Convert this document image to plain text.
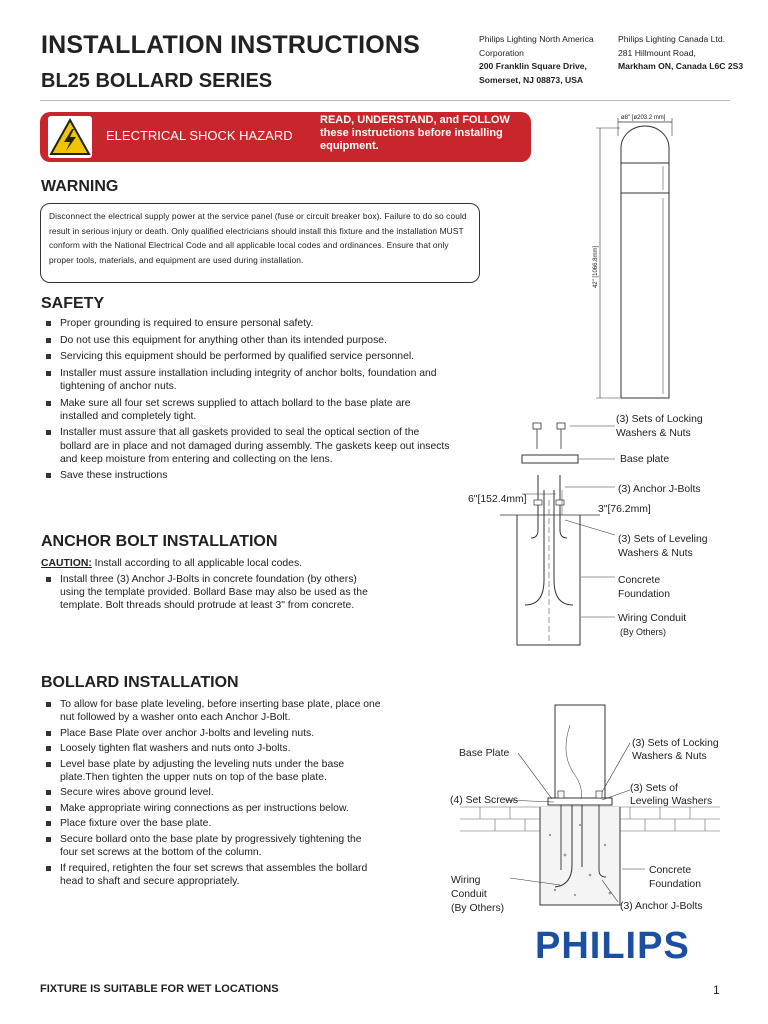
INSTALLATION INSTRUCTIONS
BL25 BOLLARD SERIES
Philips Lighting North America
Corporation
200 Franklin Square Drive,
Somerset, NJ 08873, USA
Philips Lighting Canada Ltd.
281 Hillmount Road,
Markham ON, Canada L6C 2S3
ELECTRICAL SHOCK HAZARD
READ, UNDERSTAND, and FOLLOW
these instructions before installing
equipment.
WARNING
Disconnect the electrical supply power at the service panel (fuse or circuit breaker box). Failure to do so could result in serious injury or death. Only qualified electricians should install this fixture and the installation MUST conform with the National Electrical Code and all applicable local codes and ordinances. Ensure that only proper tools, materials, and equipment are used during installation.
SAFETY
Proper grounding is required to ensure personal safety.
Do not use this equipment for anything other than its intended purpose.
Servicing this equipment should be performed by qualified service personnel.
Installer must assure installation including integrity of anchor bolts, foundation and tightening of anchor nuts.
Make sure all four set screws supplied to attach bollard to the base plate are installed and completely tight.
Installer must assure that all gaskets provided to seal the optical section of the bollard are in place and not damaged during assembly. The gaskets keep out insects and keep moisture from entering and collecting on the lens.
Save these instructions
ANCHOR BOLT INSTALLATION
CAUTION: Install according to all applicable local codes.
Install three (3) Anchor J-Bolts in concrete foundation (by others) using the template provided. Bollard Base may also be used as the template. Bolt threads should protrude at least 3" from concrete.
BOLLARD INSTALLATION
To allow for base plate leveling, before inserting base plate, place one nut followed by a washer onto each Anchor J-Bolt.
Place Base Plate over anchor J-bolts and leveling nuts.
Loosely tighten flat washers and nuts onto J-bolts.
Level base plate by adjusting the leveling nuts under the base plate.Then tighten the upper nuts on top of the base plate.
Secure wires above ground level.
Make appropriate wiring connections as per instructions below.
Place fixture over the base plate.
Secure bollard onto the base plate by progressively tightening the four set screws at the bottom of the column.
If required, retighten the four set screws that assembles the bollard head to shaft and secure appropriately.
ø8" [ø203.2 mm]
42" [1066.8mm]
(3) Sets of Locking
Washers & Nuts
Base plate
(3) Anchor J-Bolts
6"[152.4mm]
3"[76.2mm]
(3) Sets of Leveling
Washers & Nuts
Concrete
Foundation
Wiring Conduit
(By Others)
Base Plate
(3) Sets of Locking
Washers & Nuts
(3) Sets of
Leveling Washers
(4) Set Screws
Concrete
Foundation
Wiring
Conduit
(By Others)	(3) Anchor J-Bolts
PHILIPS
FIXTURE IS SUITABLE FOR WET LOCATIONS	1
